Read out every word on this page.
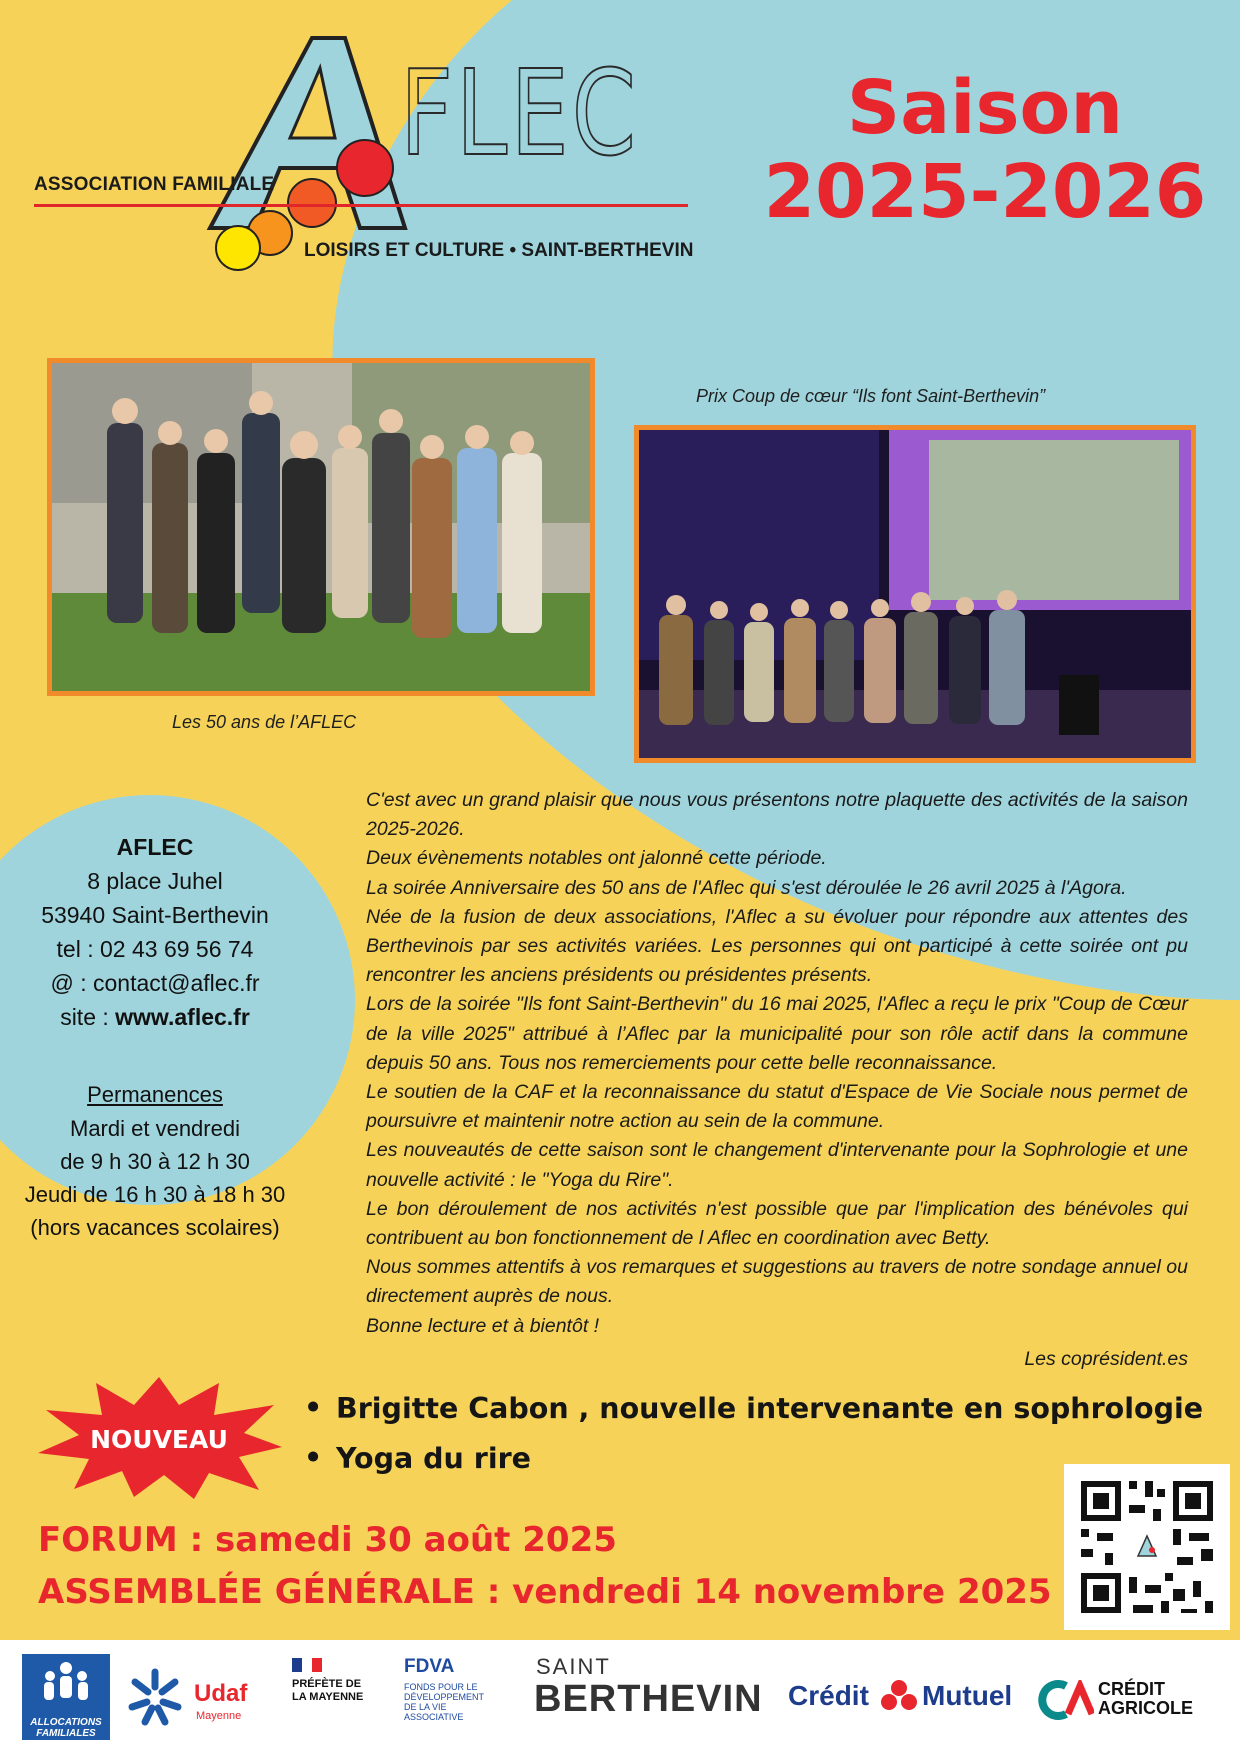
FLEC
ASSOCIATION FAMILIALE
LOISIRS ET CULTURE • SAINT-BERTHEVIN
Saison
2025-2026
Les 50 ans de l’AFLEC
Prix Coup de cœur “Ils font Saint-Berthevin”
AFLEC
8 place Juhel
53940 Saint-Berthevin
tel : 02 43 69 56 74
@ : contact@aflec.fr
site : www.aflec.fr
Permanences
Mardi et vendredi
de 9 h 30 à 12 h 30
Jeudi de 16 h 30 à 18 h 30
(hors vacances scolaires)

C'est avec un grand plaisir que nous vous présentons notre plaquette des activités de la saison 2025-2026.

Deux évènements notables ont jalonné cette période.

La soirée Anniversaire des 50 ans de l'Aflec qui s'est déroulée le 26 avril 2025 à l'Agora.

Née de la fusion de deux associations, l'Aflec a su évoluer pour répondre aux attentes des Berthevinois par ses activités variées. Les personnes qui ont participé à cette soirée ont pu rencontrer les anciens présidents ou présidentes présents.

Lors de la soirée "Ils font Saint-Berthevin" du 16 mai 2025, l'Aflec a reçu le prix "Coup de Cœur de la ville 2025" attribué à l’Aflec par la municipalité pour son rôle actif dans la commune depuis 50 ans. Tous nos remerciements pour cette belle reconnaissance.

Le soutien de la CAF et la reconnaissance du statut d'Espace de Vie Sociale nous permet de poursuivre et maintenir notre action au sein de la commune.

Les nouveautés de cette saison sont le changement d'intervenante pour la Sophrologie et une nouvelle activité : le "Yoga du Rire".

Le bon déroulement de nos activités n'est possible que par l'implication des bénévoles qui contribuent au bon fonctionnement de l Aflec en coordination avec Betty.

Nous sommes attentifs à vos remarques et suggestions au travers de notre sondage annuel ou directement auprès de nous.

Bonne lecture et à bientôt !

Les coprésident.es

NOUVEAU
• Brigitte Cabon , nouvelle intervenante en sophrologie
• Yoga du rire
FORUM : samedi 30 août 2025
ASSEMBLÉE GÉNÉRALE : vendredi 14 novembre 2025
ALLOCATIONS FAMILIALES
Udaf
Mayenne
PRÉFÈTE DE LA MAYENNE
FDVA
FONDS POUR LE DÉVELOPPEMENT DE LA VIE ASSOCIATIVE
SAINT
BERTHEVIN Crédit Mutuel	CRÉDIT AGRICOLE
